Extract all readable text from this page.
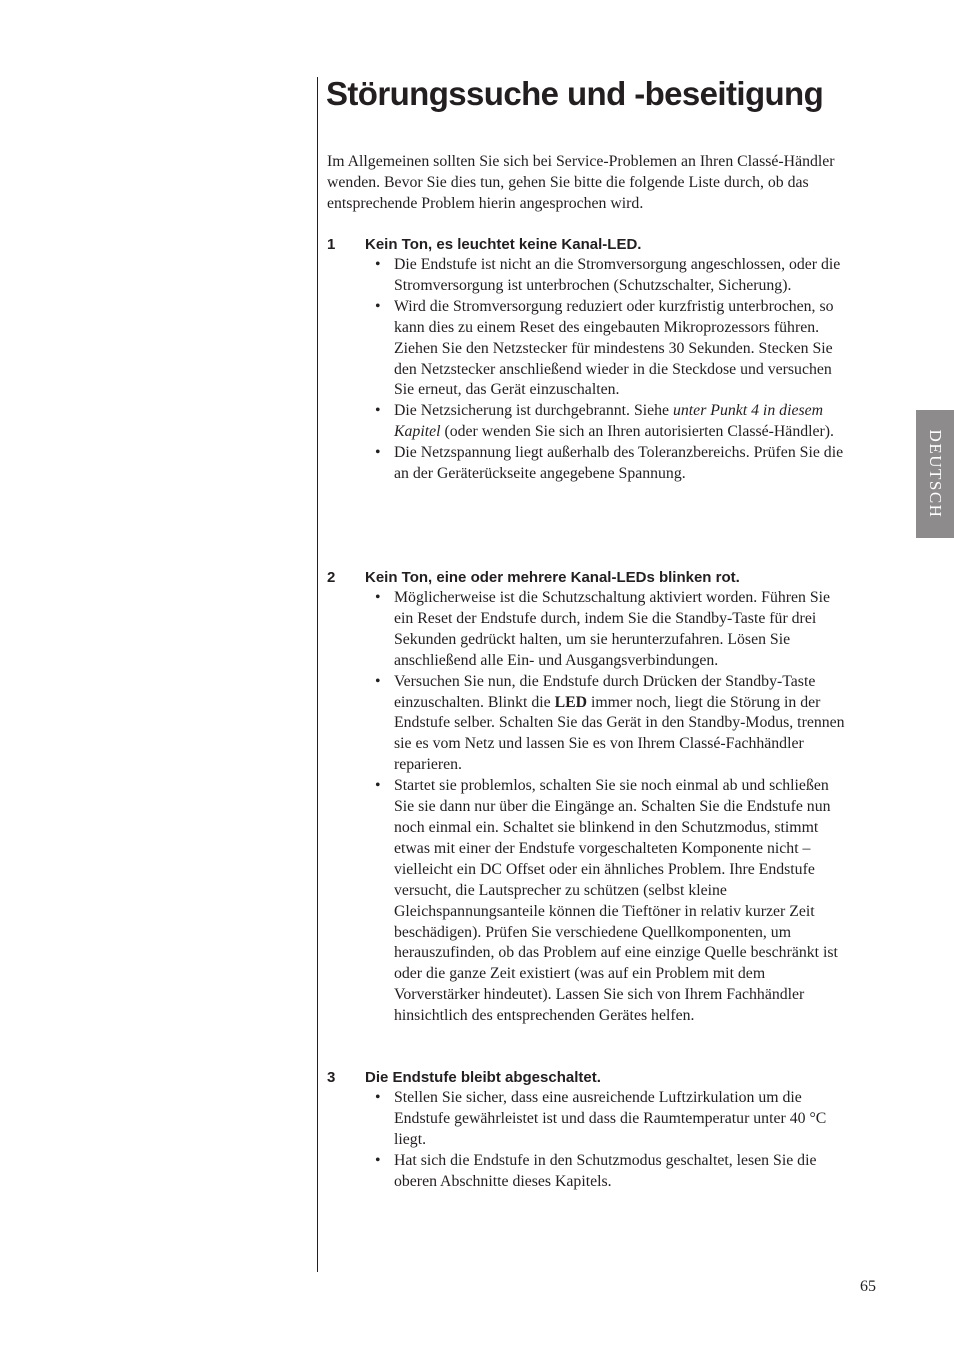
Störungssuche und -beseitigung

Im Allgemeinen sollten Sie sich bei Service-Problemen an Ihren Classé-Händler wenden. Bevor Sie dies tun, gehen Sie bitte die folgende Liste durch, ob das entsprechende Problem hierin angesprochen wird.

1 Kein Ton, es leuchtet keine Kanal-LED.
• Die Endstufe ist nicht an die Stromversorgung angeschlossen, oder die Stromversorgung ist unterbrochen (Schutzschalter, Sicherung).
• Wird die Stromversorgung reduziert oder kurzfristig unterbrochen, so kann dies zu einem Reset des eingebauten Mikroprozessors führen. Ziehen Sie den Netzstecker für mindestens 30 Sekunden. Stecken Sie den Netzstecker anschließend wieder in die Steckdose und versuchen Sie erneut, das Gerät einzuschalten.
• Die Netzsicherung ist durchgebrannt. Siehe unter Punkt 4 in diesem Kapitel (oder wenden Sie sich an Ihren autorisierten Classé-Händler).
• Die Netzspannung liegt außerhalb des Toleranzbereichs. Prüfen Sie die an der Geräterückseite angegebene Spannung.
2 Kein Ton, eine oder mehrere Kanal-LEDs blinken rot.
• Möglicherweise ist die Schutzschaltung aktiviert worden. Führen Sie ein Reset der Endstufe durch, indem Sie die Standby-Taste für drei Sekunden gedrückt halten, um sie herunterzufahren. Lösen Sie anschließend alle Ein- und Ausgangsverbindungen.
• Versuchen Sie nun, die Endstufe durch Drücken der Standby-Taste einzuschalten. Blinkt die LED immer noch, liegt die Störung in der Endstufe selber. Schalten Sie das Gerät in den Standby-Modus, trennen sie es vom Netz und lassen Sie es von Ihrem Classé-Fachhändler reparieren.
• Startet sie problemlos, schalten Sie sie noch einmal ab und schließen Sie sie dann nur über die Eingänge an. Schalten Sie die Endstufe nun noch einmal ein. Schaltet sie blinkend in den Schutzmodus, stimmt etwas mit einer der Endstufe vorgeschalteten Komponente nicht – vielleicht ein DC Offset oder ein ähnliches Problem. Ihre Endstufe versucht, die Lautsprecher zu schützen (selbst kleine Gleichspannungsanteile können die Tieftöner in relativ kurzer Zeit beschädigen). Prüfen Sie verschiedene Quellkomponenten, um herauszufinden, ob das Problem auf eine einzige Quelle beschränkt ist oder die ganze Zeit existiert (was auf ein Problem mit dem Vorverstärker hindeutet). Lassen Sie sich von Ihrem Fachhändler hinsichtlich des entsprechenden Gerätes helfen.
3 Die Endstufe bleibt abgeschaltet.
• Stellen Sie sicher, dass eine ausreichende Luftzirkulation um die Endstufe gewährleistet ist und dass die Raumtemperatur unter 40 °C liegt.
• Hat sich die Endstufe in den Schutzmodus geschaltet, lesen Sie die oberen Abschnitte dieses Kapitels.
DEUTSCH
65
